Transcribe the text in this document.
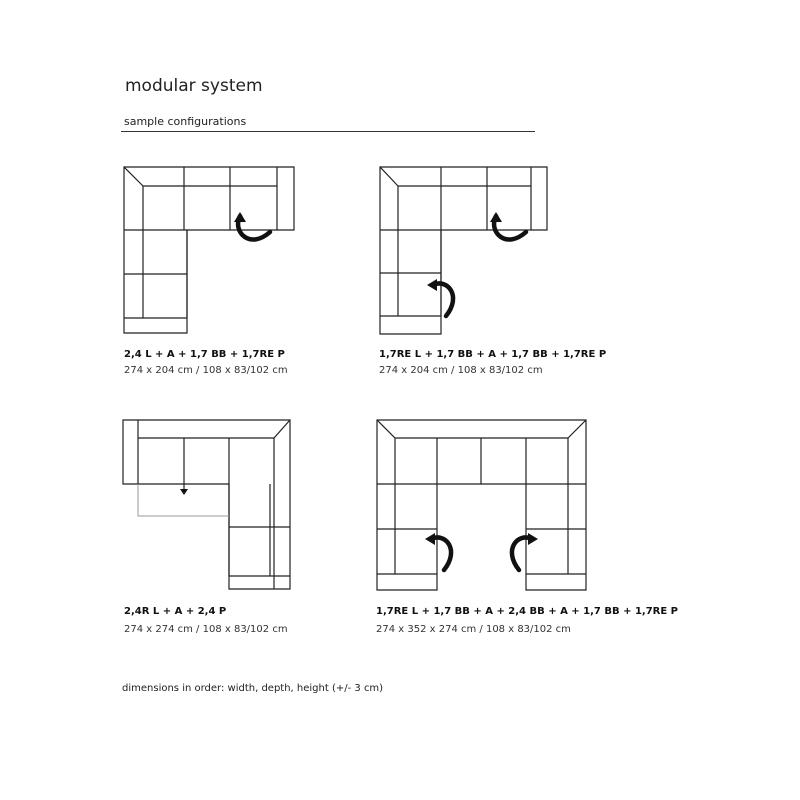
modular system
sample configurations
2,4 L + A + 1,7 BB + 1,7RE P
274 x 204 cm / 108 x 83/102 cm
1,7RE L + 1,7 BB + A + 1,7 BB + 1,7RE P
274 x 204 cm / 108 x 83/102 cm
2,4R L + A + 2,4 P
274 x 274 cm / 108 x 83/102 cm
1,7RE L + 1,7 BB + A + 2,4 BB + A + 1,7 BB + 1,7RE P
274 x 352 x 274 cm / 108 x 83/102 cm
dimensions in order: width, depth, height (+/- 3 cm)
